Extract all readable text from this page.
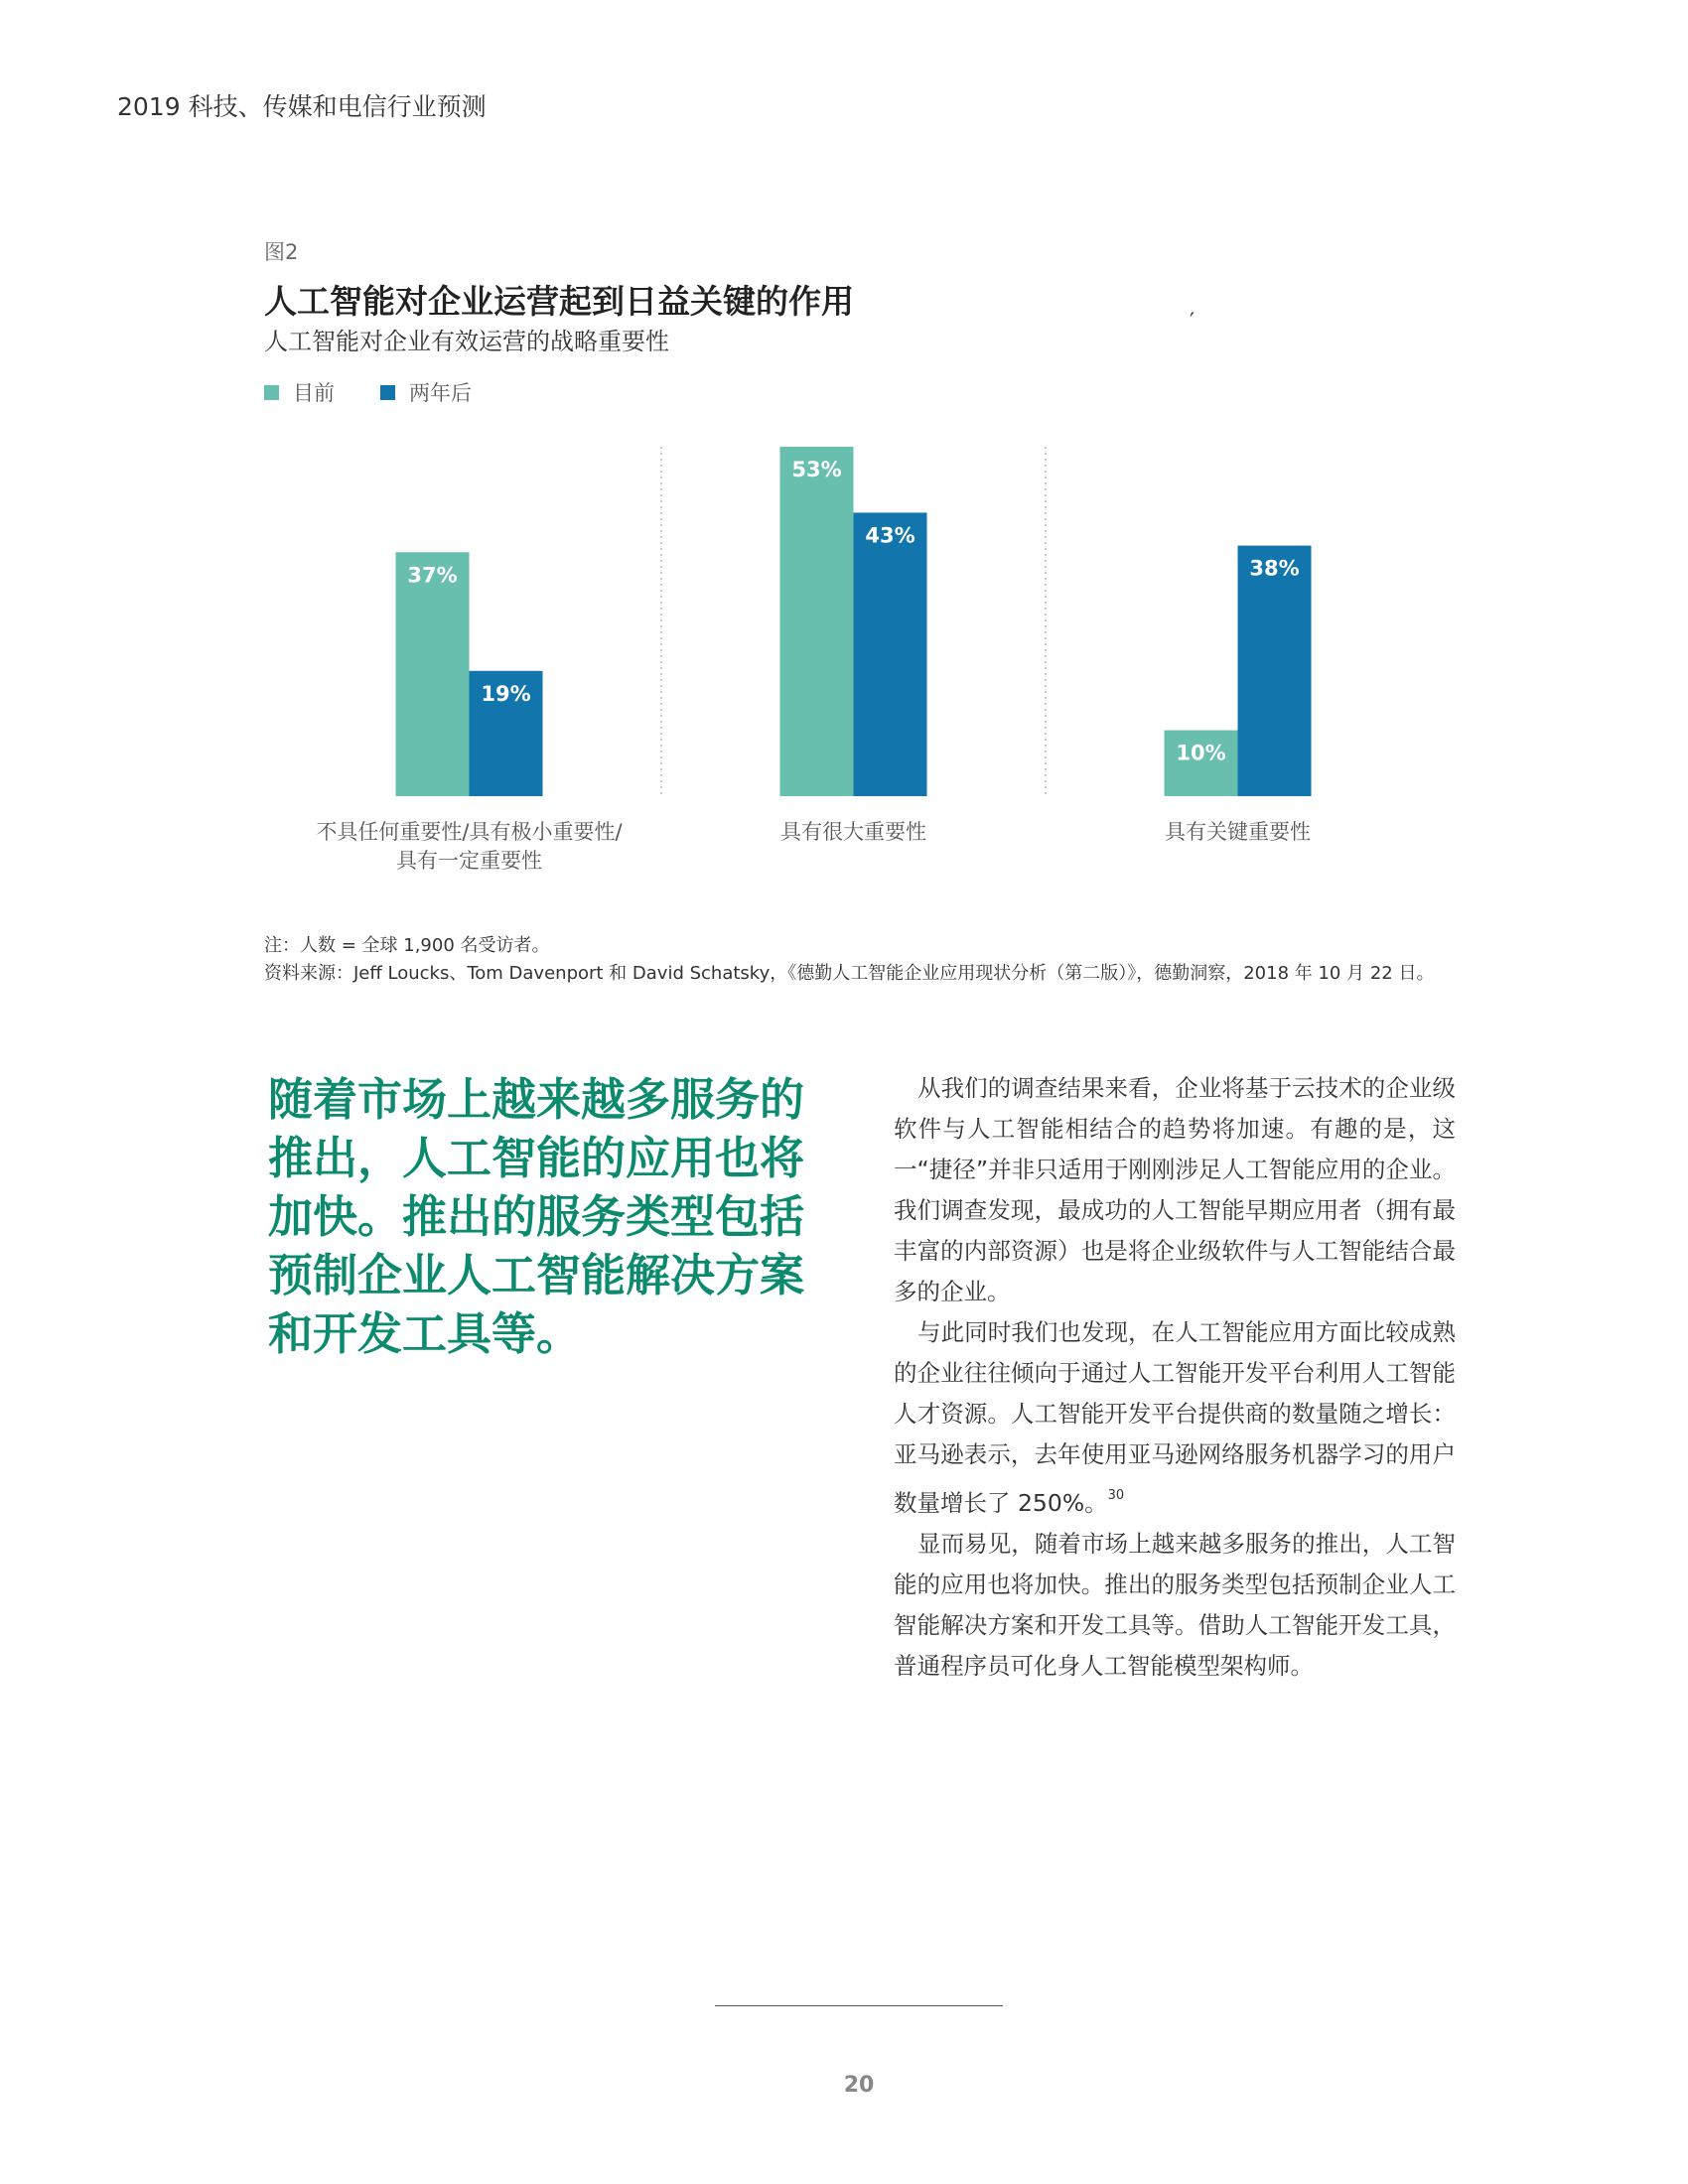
2019 科技、传媒和电信行业预测
图2
人工智能对企业运营起到日益关键的作用
人工智能对企业有效运营的战略重要性
′
目前	两年后
37%
19%
53%
43%
10%
38%
不具任何重要性/具有极小重要性/
具有一定重要性
具有很大重要性	具有关键重要性
注：人数 = 全球 1,900 名受访者。
资料来源：Jeff Loucks、Tom Davenport 和 David Schatsky，《德勤人工智能企业应用现状分析（第二版）》，德勤洞察，2018 年 10 月 22 日。
随着市场上越来越多服务的推出，人工智能的应用也将加快。推出的服务类型包括预制企业人工智能解决方案和开发工具等。

从我们的调查结果来看，企业将基于云技术的企业级软件与人工智能相结合的趋势将加速。有趣的是，这一“捷径”并非只适用于刚刚涉足人工智能应用的企业。我们调查发现，最成功的人工智能早期应用者（拥有最丰富的内部资源）也是将企业级软件与人工智能结合最多的企业。

与此同时我们也发现，在人工智能应用方面比较成熟的企业往往倾向于通过人工智能开发平台利用人工智能人才资源。人工智能开发平台提供商的数量随之增长：亚马逊表示，去年使用亚马逊网络服务机器学习的用户数量增长了 250%。$^{30}$

显而易见，随着市场上越来越多服务的推出，人工智能的应用也将加快。推出的服务类型包括预制企业人工智能解决方案和开发工具等。借助人工智能开发工具，普通程序员可化身人工智能模型架构师。

20
